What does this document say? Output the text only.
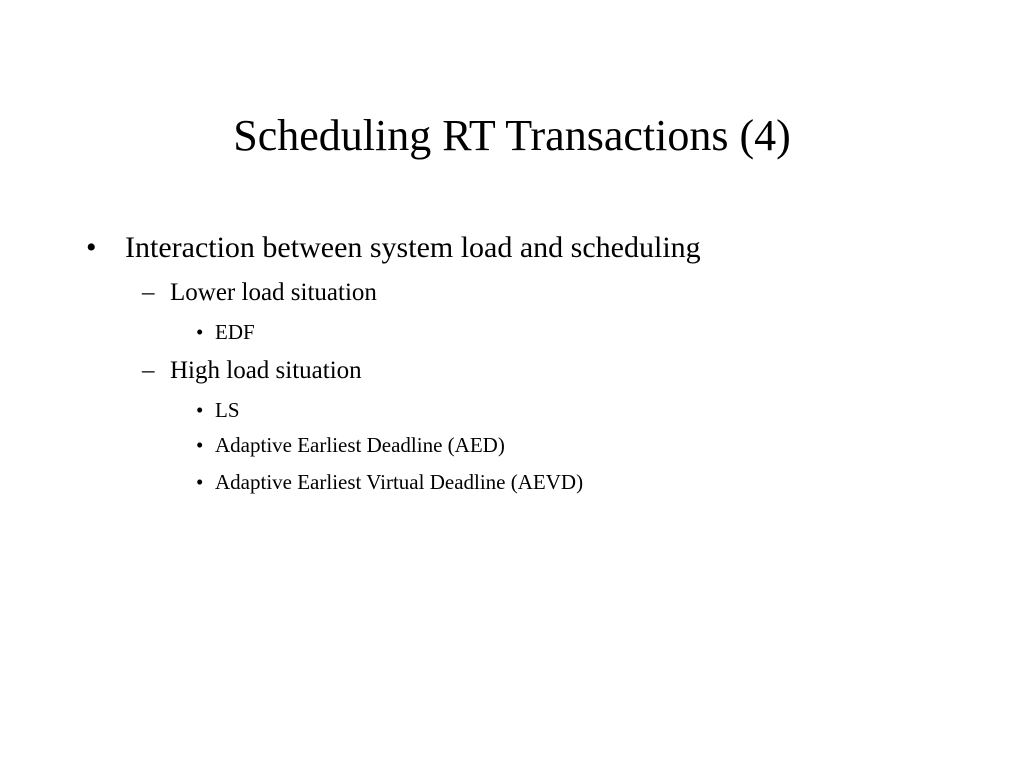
Scheduling RT Transactions (4)
• Interaction between system load and scheduling
– Lower load situation
• EDF
– High load situation
• LS
• Adaptive Earliest Deadline (AED)
• Adaptive Earliest Virtual Deadline (AEVD)
